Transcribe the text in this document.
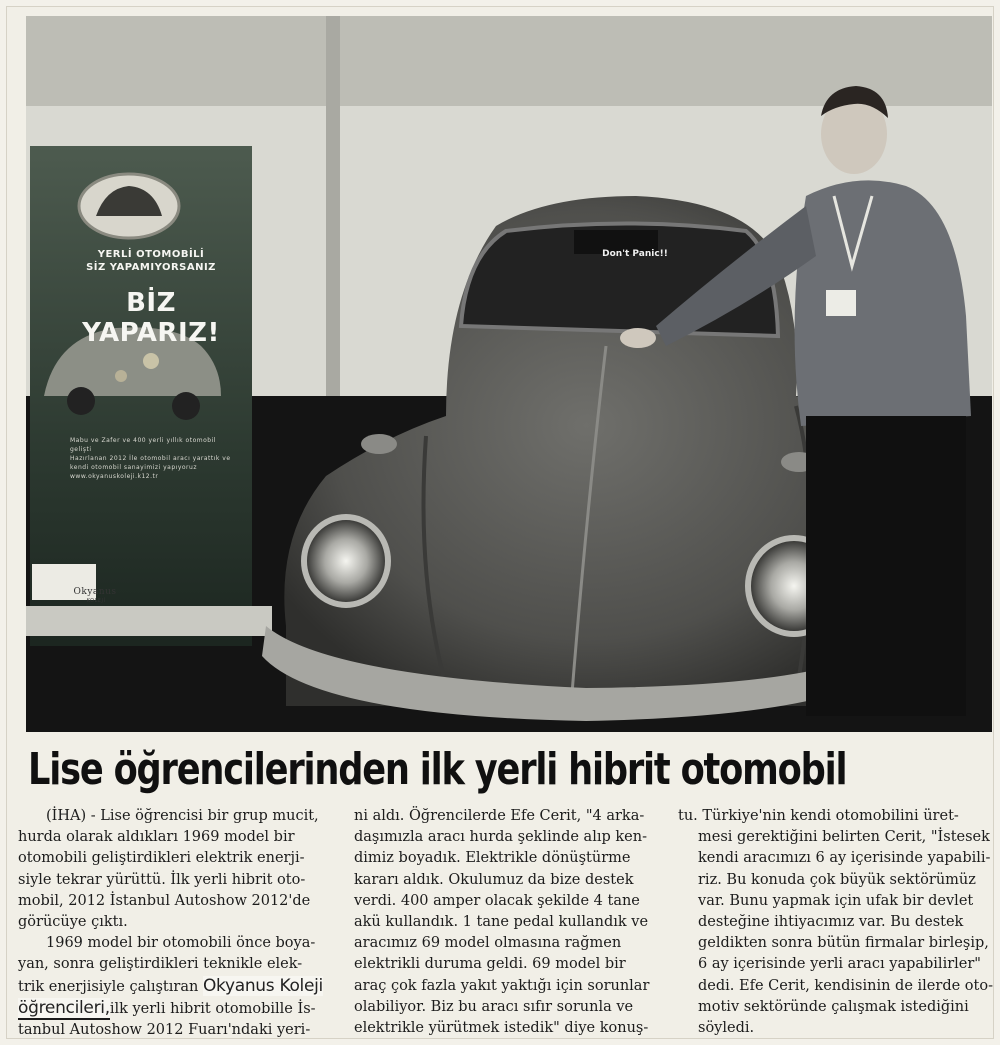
YERLİ OTOMOBİLİ
SİZ YAPAMIYORSANIZ
BİZ YAPARIZ!
Mabu ve Zafer ve 400 yerli yıllık otomobil gelişti
Hazırlanan 2012 İle otomobil aracı yarattık ve
kendi otomobil sanayimizi yapıyoruz
www.okyanuskoleji.k12.tr
Okyanus
KOLEJİ
Don't Panic!!
Lise öğrencilerinden ilk yerli hibrit otomobil

(İHA) - Lise öğrencisi bir grup mucit,

hurda olarak aldıkları 1969 model bir

otomobili geliştirdikleri elektrik enerji-

siyle tekrar yürüttü. İlk yerli hibrit oto-

mobil, 2012 İstanbul Autoshow 2012'de

görücüye çıktı.

1969 model bir otomobili önce boya-

yan, sonra geliştirdikleri teknikle elek-

trik enerjisiyle çalıştıran Okyanus Koleji

öğrencileri,ilk yerli hibrit otomobille İs-

tanbul Autoshow 2012 Fuarı'ndaki yeri-

ni aldı. Öğrencilerde Efe Cerit, "4 arka-

daşımızla aracı hurda şeklinde alıp ken-

dimiz boyadık. Elektrikle dönüştürme

kararı aldık. Okulumuz da bize destek

verdi. 400 amper olacak şekilde 4 tane

akü kullandık. 1 tane pedal kullandık ve

aracımız 69 model olmasına rağmen

elektrikli duruma geldi. 69 model bir

araç çok fazla yakıt yaktığı için sorunlar

olabiliyor. Biz bu aracı sıfır sorunla ve

elektrikle yürütmek istedik" diye konuş-

tu. Türkiye'nin kendi otomobilini üret-

mesi gerektiğini belirten Cerit, "İstesek

kendi aracımızı 6 ay içerisinde yapabili-

riz. Bu konuda çok büyük sektörümüz

var. Bunu yapmak için ufak bir devlet

desteğine ihtiyacımız var. Bu destek

geldikten sonra bütün firmalar birleşip,

6 ay içerisinde yerli aracı yapabilirler"

dedi. Efe Cerit, kendisinin de ilerde oto-

motiv sektöründe çalışmak istediğini

söyledi.
